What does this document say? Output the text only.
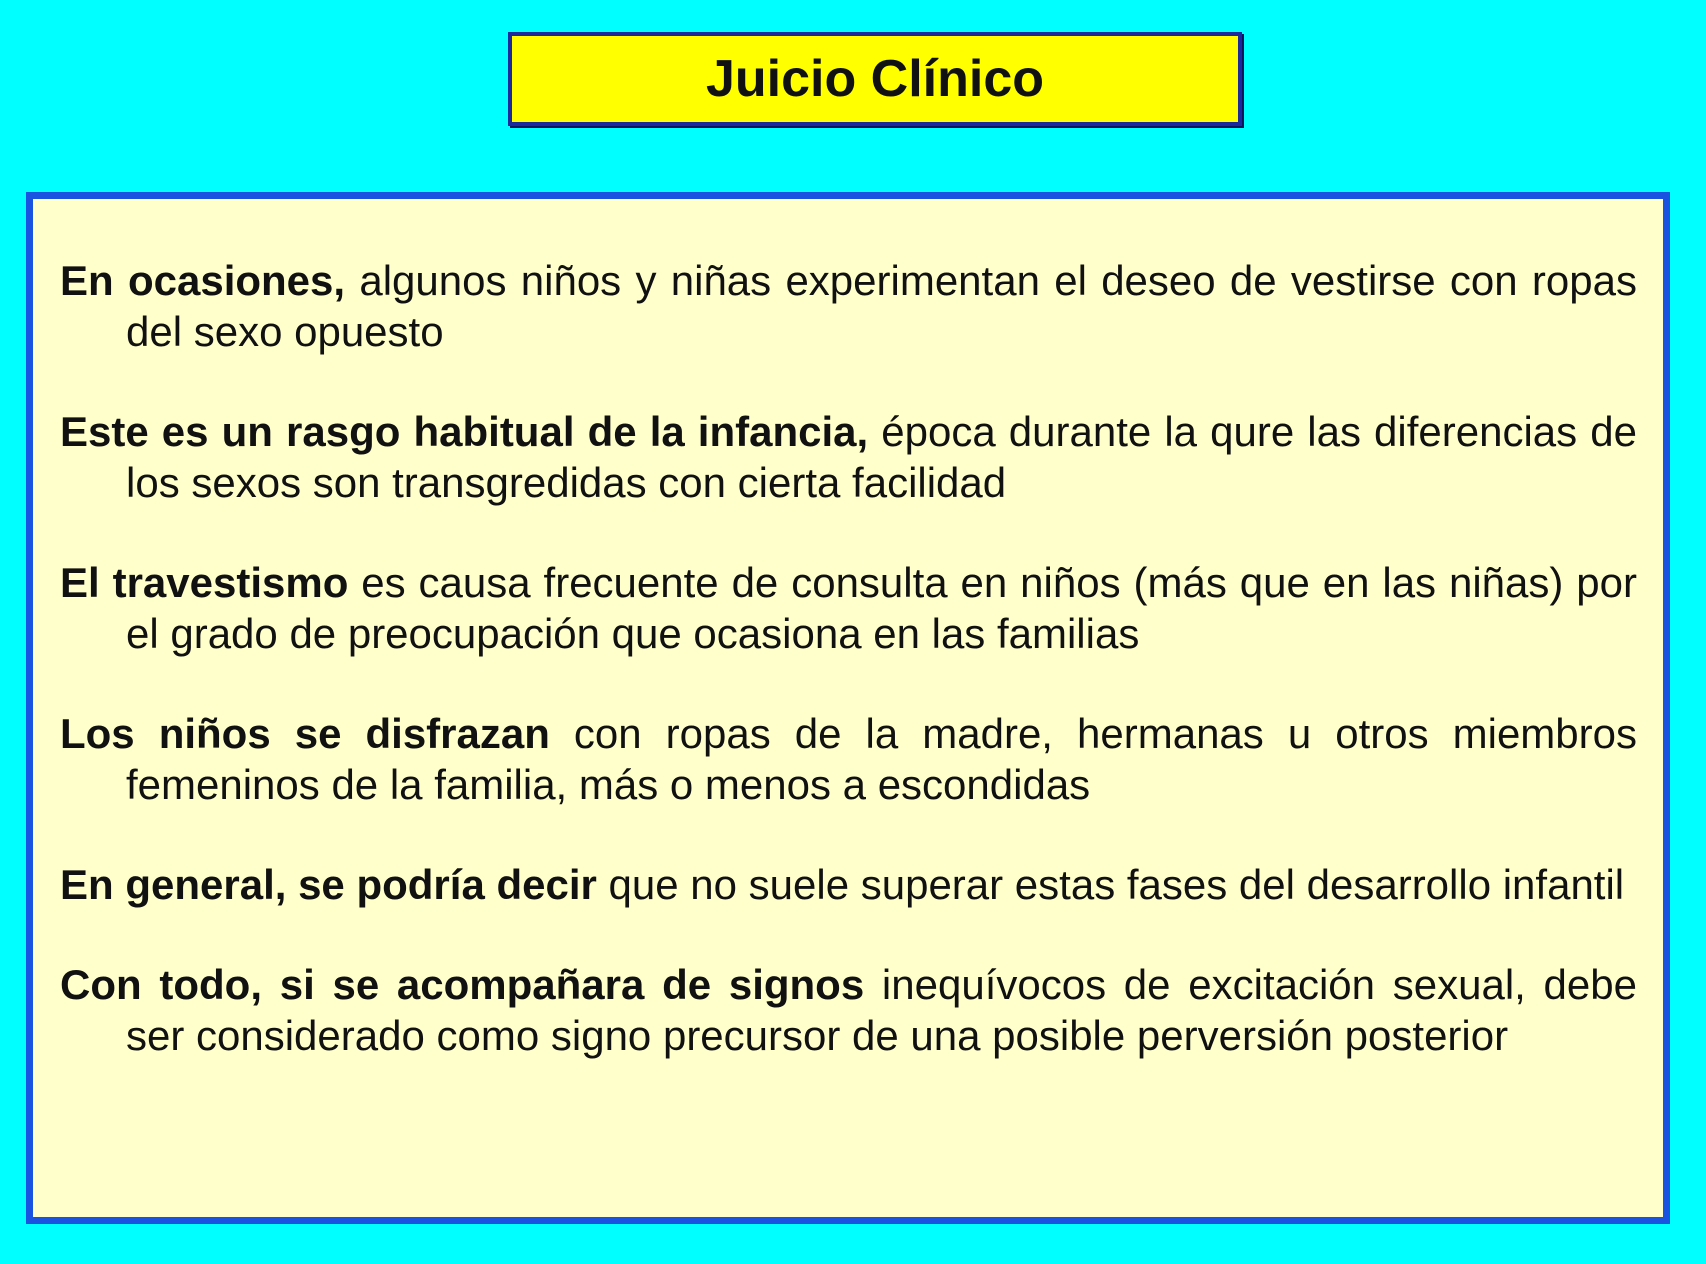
Juicio Clínico

En ocasiones, algunos niños y niñas experimentan el deseo de vestirse con ropas del sexo opuesto

Este es un rasgo habitual de la infancia, época durante la qure las diferencias de los sexos son transgredidas con cierta facilidad

El travestismo es causa frecuente de consulta en niños (más que en las niñas) por el grado de preocupación que ocasiona en las familias

Los niños se disfrazan con ropas de la madre, hermanas u otros miembros femeninos de la familia, más o menos a escondidas

En general, se podría decir que no suele superar estas fases del desarrollo infantil

Con todo, si se acompañara de signos inequívocos de excitación sexual, debe ser considerado como signo precursor de una posible perversión posterior
